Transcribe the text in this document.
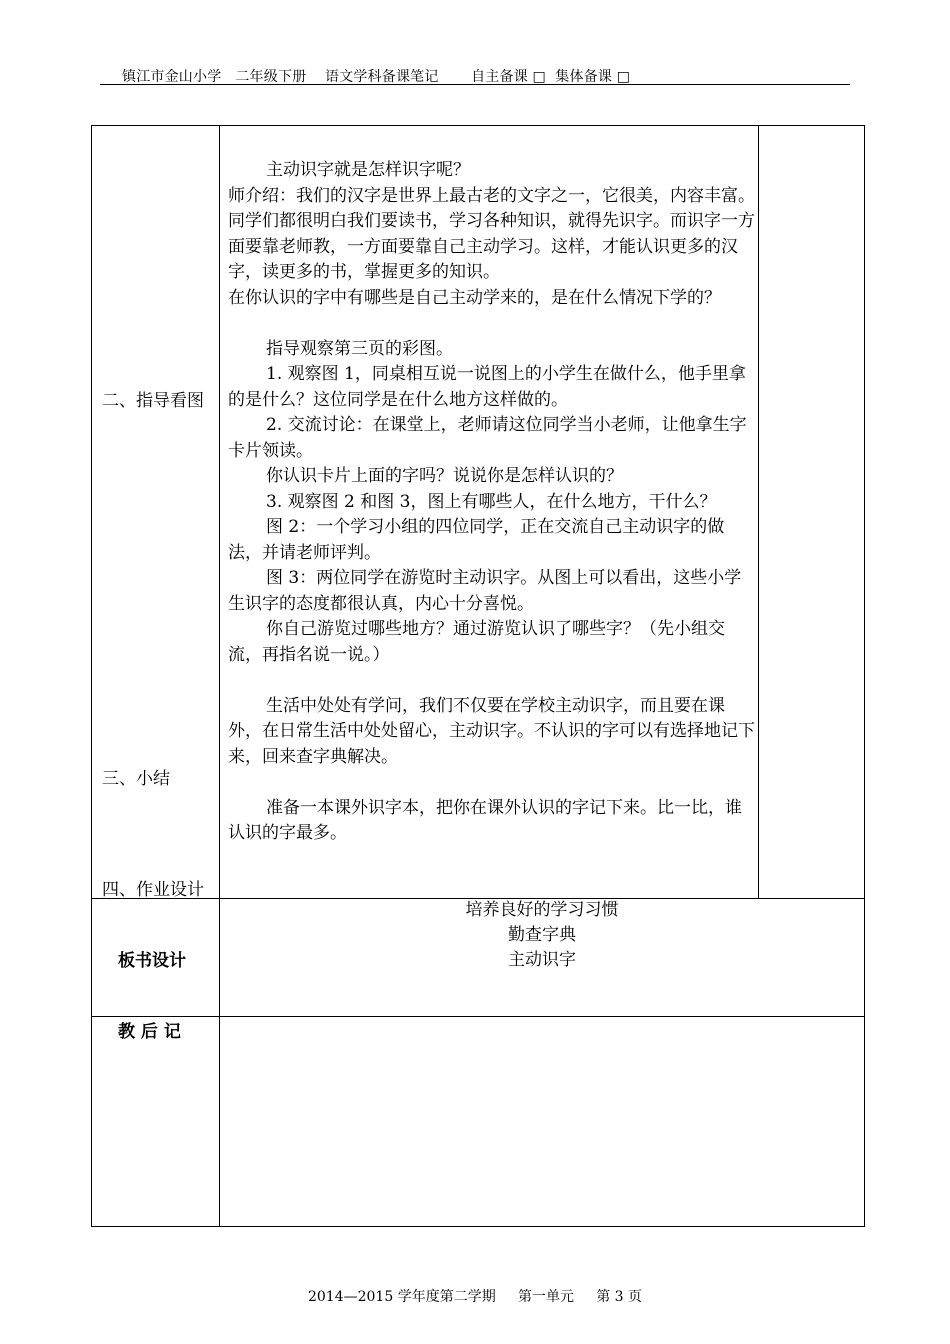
镇江市金山小学   二年级下册    语文学科备课笔记       自主备课 □  集体备课 □
二、指导看图
三、小结
四、作业设计

主动识字就是怎样识字呢？

师介绍：我们的汉字是世界上最古老的文字之一，它很美，内容丰富。同学们都很明白我们要读书，学习各种知识，就得先识字。而识字一方面要靠老师教，一方面要靠自己主动学习。这样，才能认识更多的汉字，读更多的书，掌握更多的知识。

在你认识的字中有哪些是自己主动学来的，是在什么情况下学的？

指导观察第三页的彩图。

1. 观察图 1，同桌相互说一说图上的小学生在做什么，他手里拿的是什么？这位同学是在什么地方这样做的。

2. 交流讨论：在课堂上，老师请这位同学当小老师，让他拿生字卡片领读。

你认识卡片上面的字吗？说说你是怎样认识的？

3. 观察图 2 和图 3，图上有哪些人，在什么地方，干什么？

图 2：一个学习小组的四位同学，正在交流自己主动识字的做法，并请老师评判。

图 3：两位同学在游览时主动识字。从图上可以看出，这些小学生识字的态度都很认真，内心十分喜悦。

你自己游览过哪些地方？通过游览认识了哪些字？（先小组交流，再指名说一说。）

生活中处处有学问，我们不仅要在学校主动识字，而且要在课外，在日常生活中处处留心，主动识字。不认识的字可以有选择地记下来，回来查字典解决。

准备一本课外识字本，把你在课外认识的字记下来。比一比，谁认识的字最多。

板书设计
培养良好的学习习惯
勤查字典
主动识字
教 后 记
2014—2015 学年度第二学期     第一单元     第 3 页
